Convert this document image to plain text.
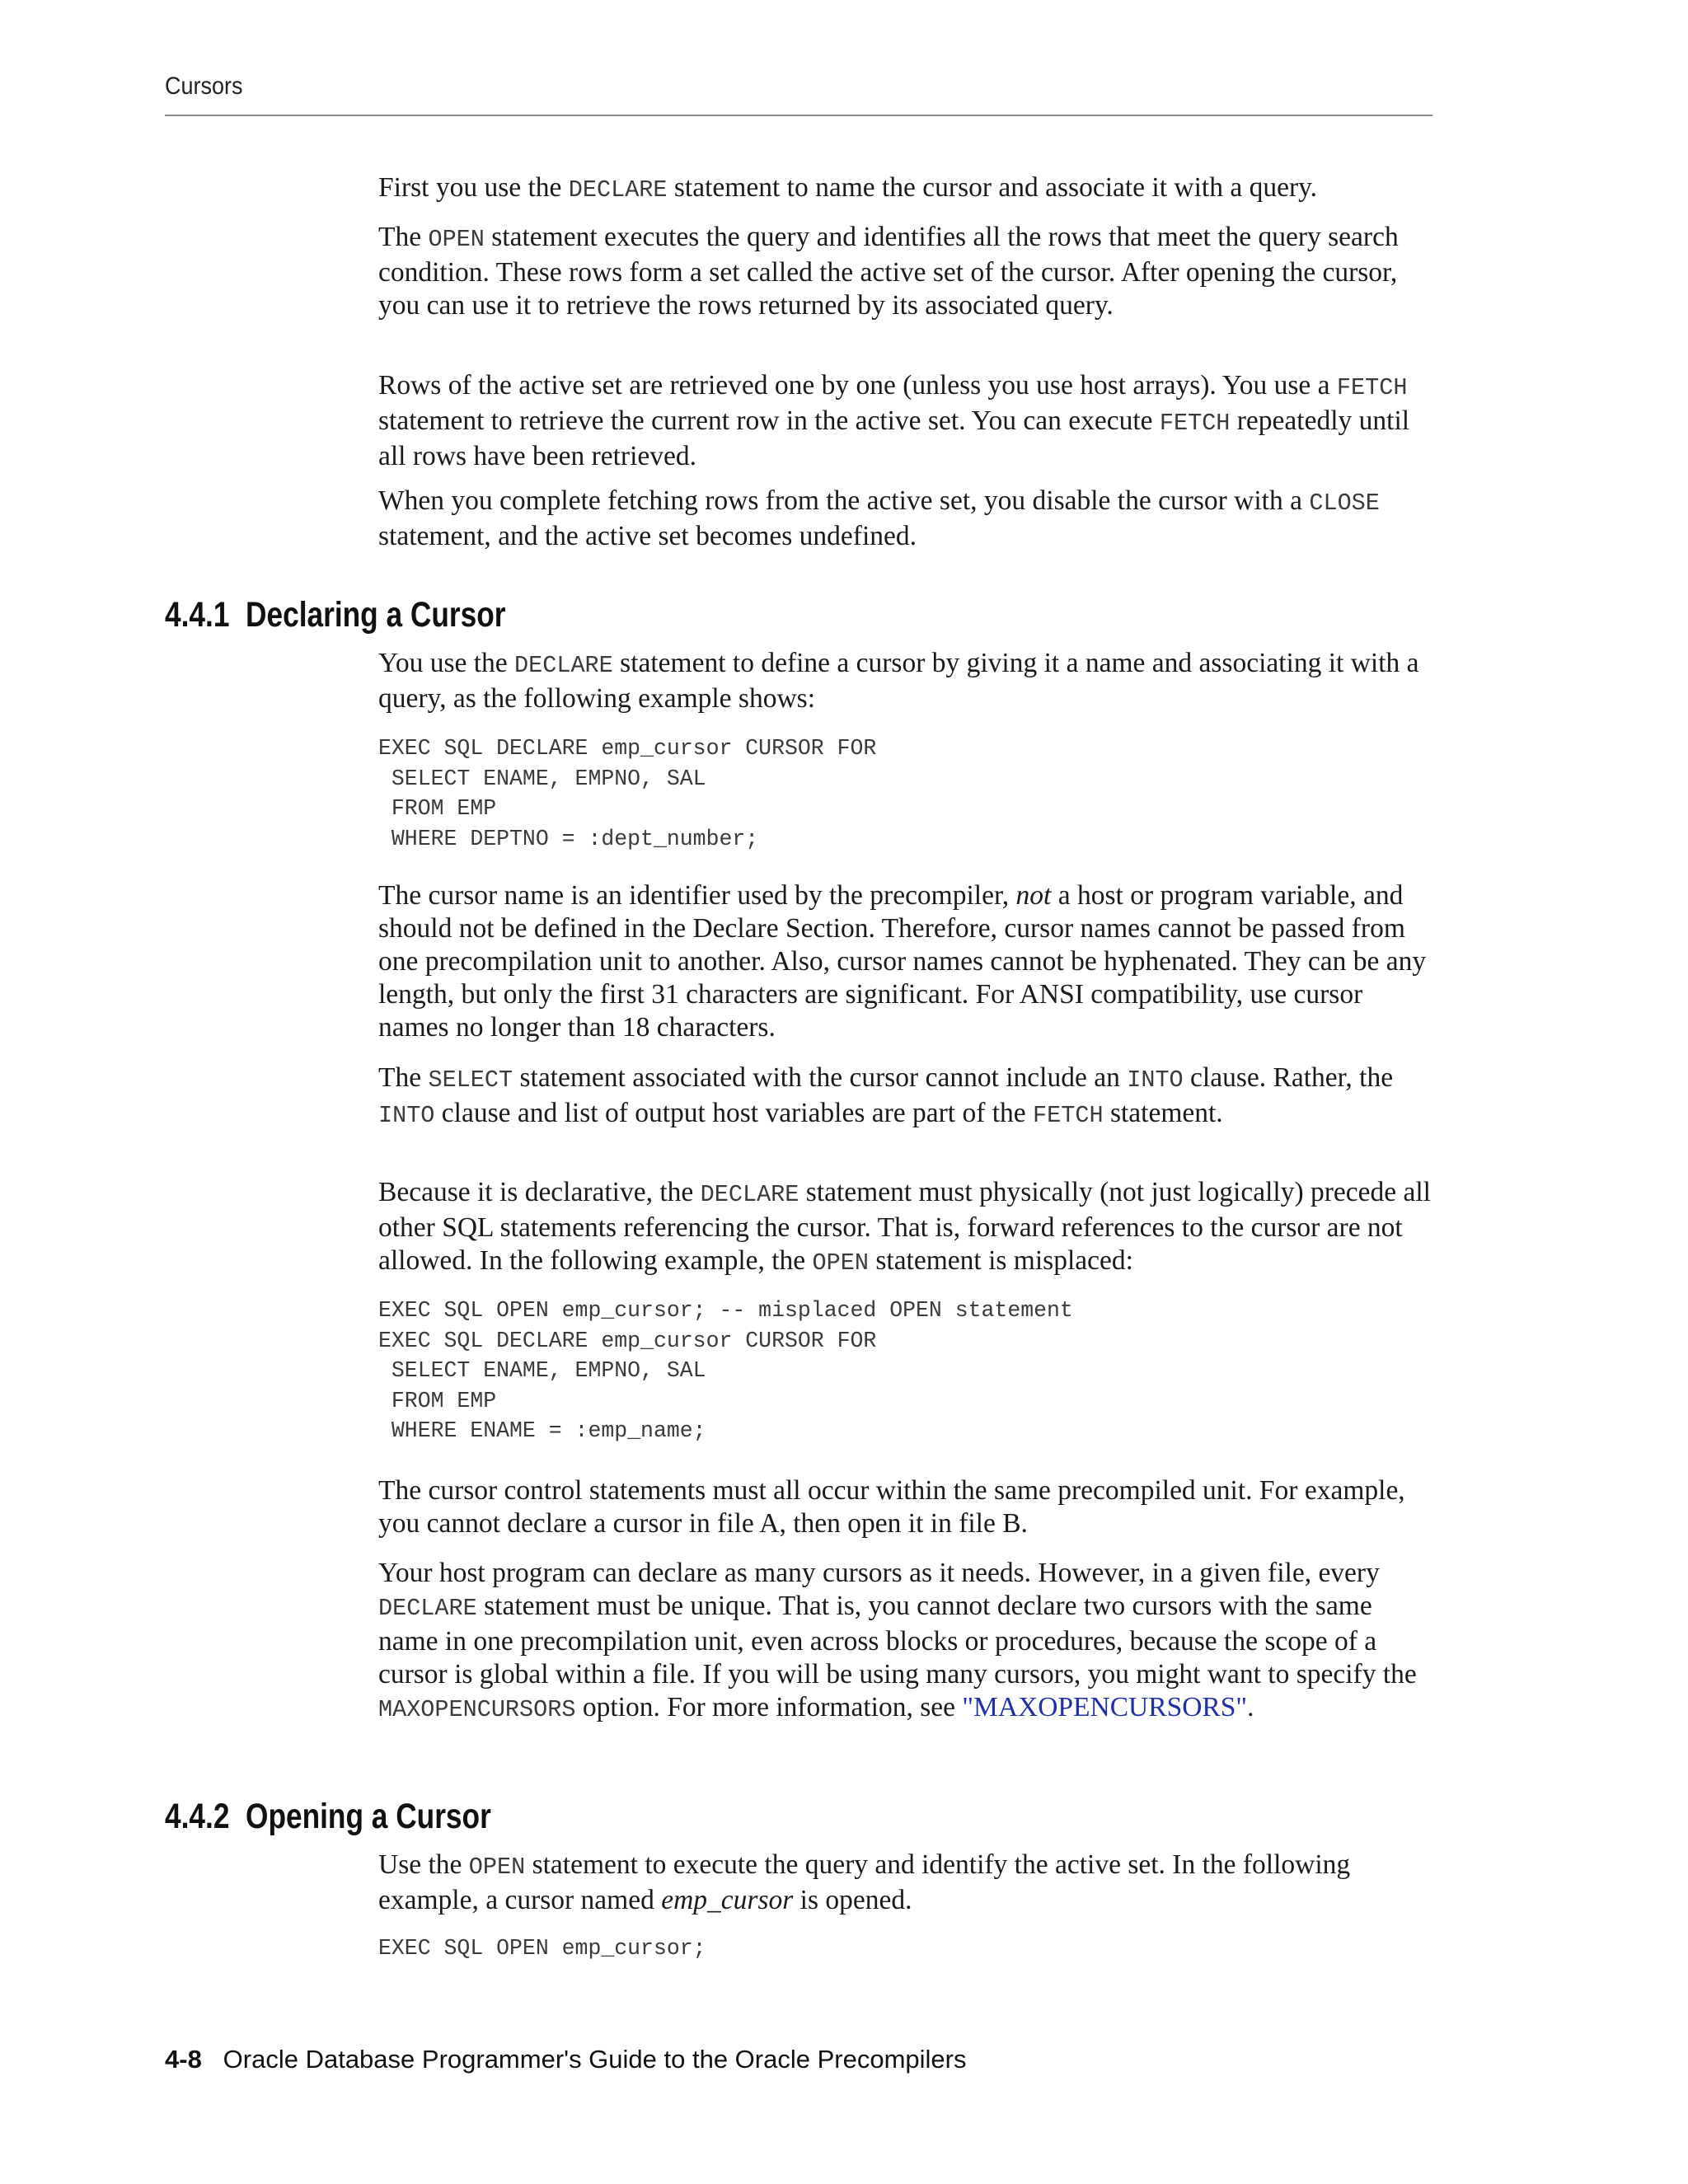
Cursors

First you use the DECLARE statement to name the cursor and associate it with a query.

The OPEN statement executes the query and identifies all the rows that meet the query search condition. These rows form a set called the active set of the cursor. After opening the cursor, you can use it to retrieve the rows returned by its associated query.

Rows of the active set are retrieved one by one (unless you use host arrays). You use a FETCH statement to retrieve the current row in the active set. You can execute FETCH repeatedly until all rows have been retrieved.

When you complete fetching rows from the active set, you disable the cursor with a CLOSE statement, and the active set becomes undefined.

4.4.1  Declaring a Cursor

You use the DECLARE statement to define a cursor by giving it a name and associating it with a query, as the following example shows:

EXEC SQL DECLARE emp_cursor CURSOR FOR
SELECT ENAME, EMPNO, SAL
FROM EMP
WHERE DEPTNO = :dept_number;

The cursor name is an identifier used by the precompiler, not a host or program variable, and should not be defined in the Declare Section. Therefore, cursor names cannot be passed from one precompilation unit to another. Also, cursor names cannot be hyphenated. They can be any length, but only the first 31 characters are significant. For ANSI compatibility, use cursor names no longer than 18 characters.

The SELECT statement associated with the cursor cannot include an INTO clause. Rather, the INTO clause and list of output host variables are part of the FETCH statement.

Because it is declarative, the DECLARE statement must physically (not just logically) precede all other SQL statements referencing the cursor. That is, forward references to the cursor are not allowed. In the following example, the OPEN statement is misplaced:

EXEC SQL OPEN emp_cursor; -- misplaced OPEN statement
EXEC SQL DECLARE emp_cursor CURSOR FOR
SELECT ENAME, EMPNO, SAL
FROM EMP
WHERE ENAME = :emp_name;

The cursor control statements must all occur within the same precompiled unit. For example, you cannot declare a cursor in file A, then open it in file B.

Your host program can declare as many cursors as it needs. However, in a given file, every DECLARE statement must be unique. That is, you cannot declare two cursors with the same name in one precompilation unit, even across blocks or procedures, because the scope of a cursor is global within a file. If you will be using many cursors, you might want to specify the MAXOPENCURSORS option. For more information, see "MAXOPENCURSORS".

4.4.2  Opening a Cursor

Use the OPEN statement to execute the query and identify the active set. In the following example, a cursor named emp_cursor is opened.

EXEC SQL OPEN emp_cursor;
4-8 Oracle Database Programmer's Guide to the Oracle Precompilers
